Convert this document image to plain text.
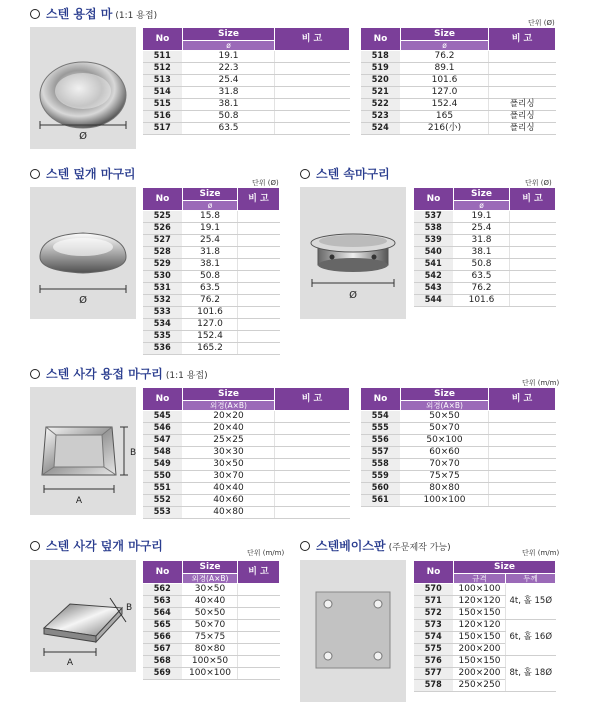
스텐 용접 마 (1:1 용접)
단위 (Ø)
스텐 덮개 마구리
단위 (Ø)
스텐 속마구리
단위 (Ø)
스텐 사각 용접 마구리 (1:1 용접)
단위 (m/m)
스텐 사각 덮개 마구리	단위 (m/m)	스텐베이스판 (주문제작 가능)	단위 (m/m)
Ø
Ø	Ø
A
B
A
B
No	Size	비 고
	ø	
511	19.1	
512	22.3	
513	25.4	
514	31.8	
515	38.1	
516	50.8	
517	63.5	
No	Size	비 고
	ø	
518	76.2	
519	89.1	
520	101.6	
521	127.0	
522	152.4	폴리싱
523	165	폴리싱
524	216(小)	폴리싱
No	Size	비 고
	ø	
525	15.8	
526	19.1	
527	25.4	
528	31.8	
529	38.1	
530	50.8	
531	63.5	
532	76.2	
533	101.6	
534	127.0	
535	152.4	
536	165.2	
No	Size	비 고
	ø	
537	19.1	
538	25.4	
539	31.8	
540	38.1	
541	50.8	
542	63.5	
543	76.2	
544	101.6	
No	Size	비 고
	외경(A×B)	
545	20×20	
546	20×40	
547	25×25	
548	30×30	
549	30×50	
550	30×70	
551	40×40	
552	40×60	
553	40×80	
No	Size	비 고
	외경(A×B)	
554	50×50	
555	50×70	
556	50×100	
557	60×60	
558	70×70	
559	75×75	
560	80×80	
561	100×100	
No	Size	비 고
	외경(A×B)	
562	30×50	
563	40×40	
564	50×50	
565	50×70	
566	75×75	
567	80×80	
568	100×50	
569	100×100	
No	Size	
	규격	두께
570	100×100	4t, 홀 15Ø
571	120×120	
572	150×150	
573	120×120	6t, 홀 16Ø
574	150×150	
575	200×200	
576	150×150	8t, 홀 18Ø
577	200×200	
578	250×250	
